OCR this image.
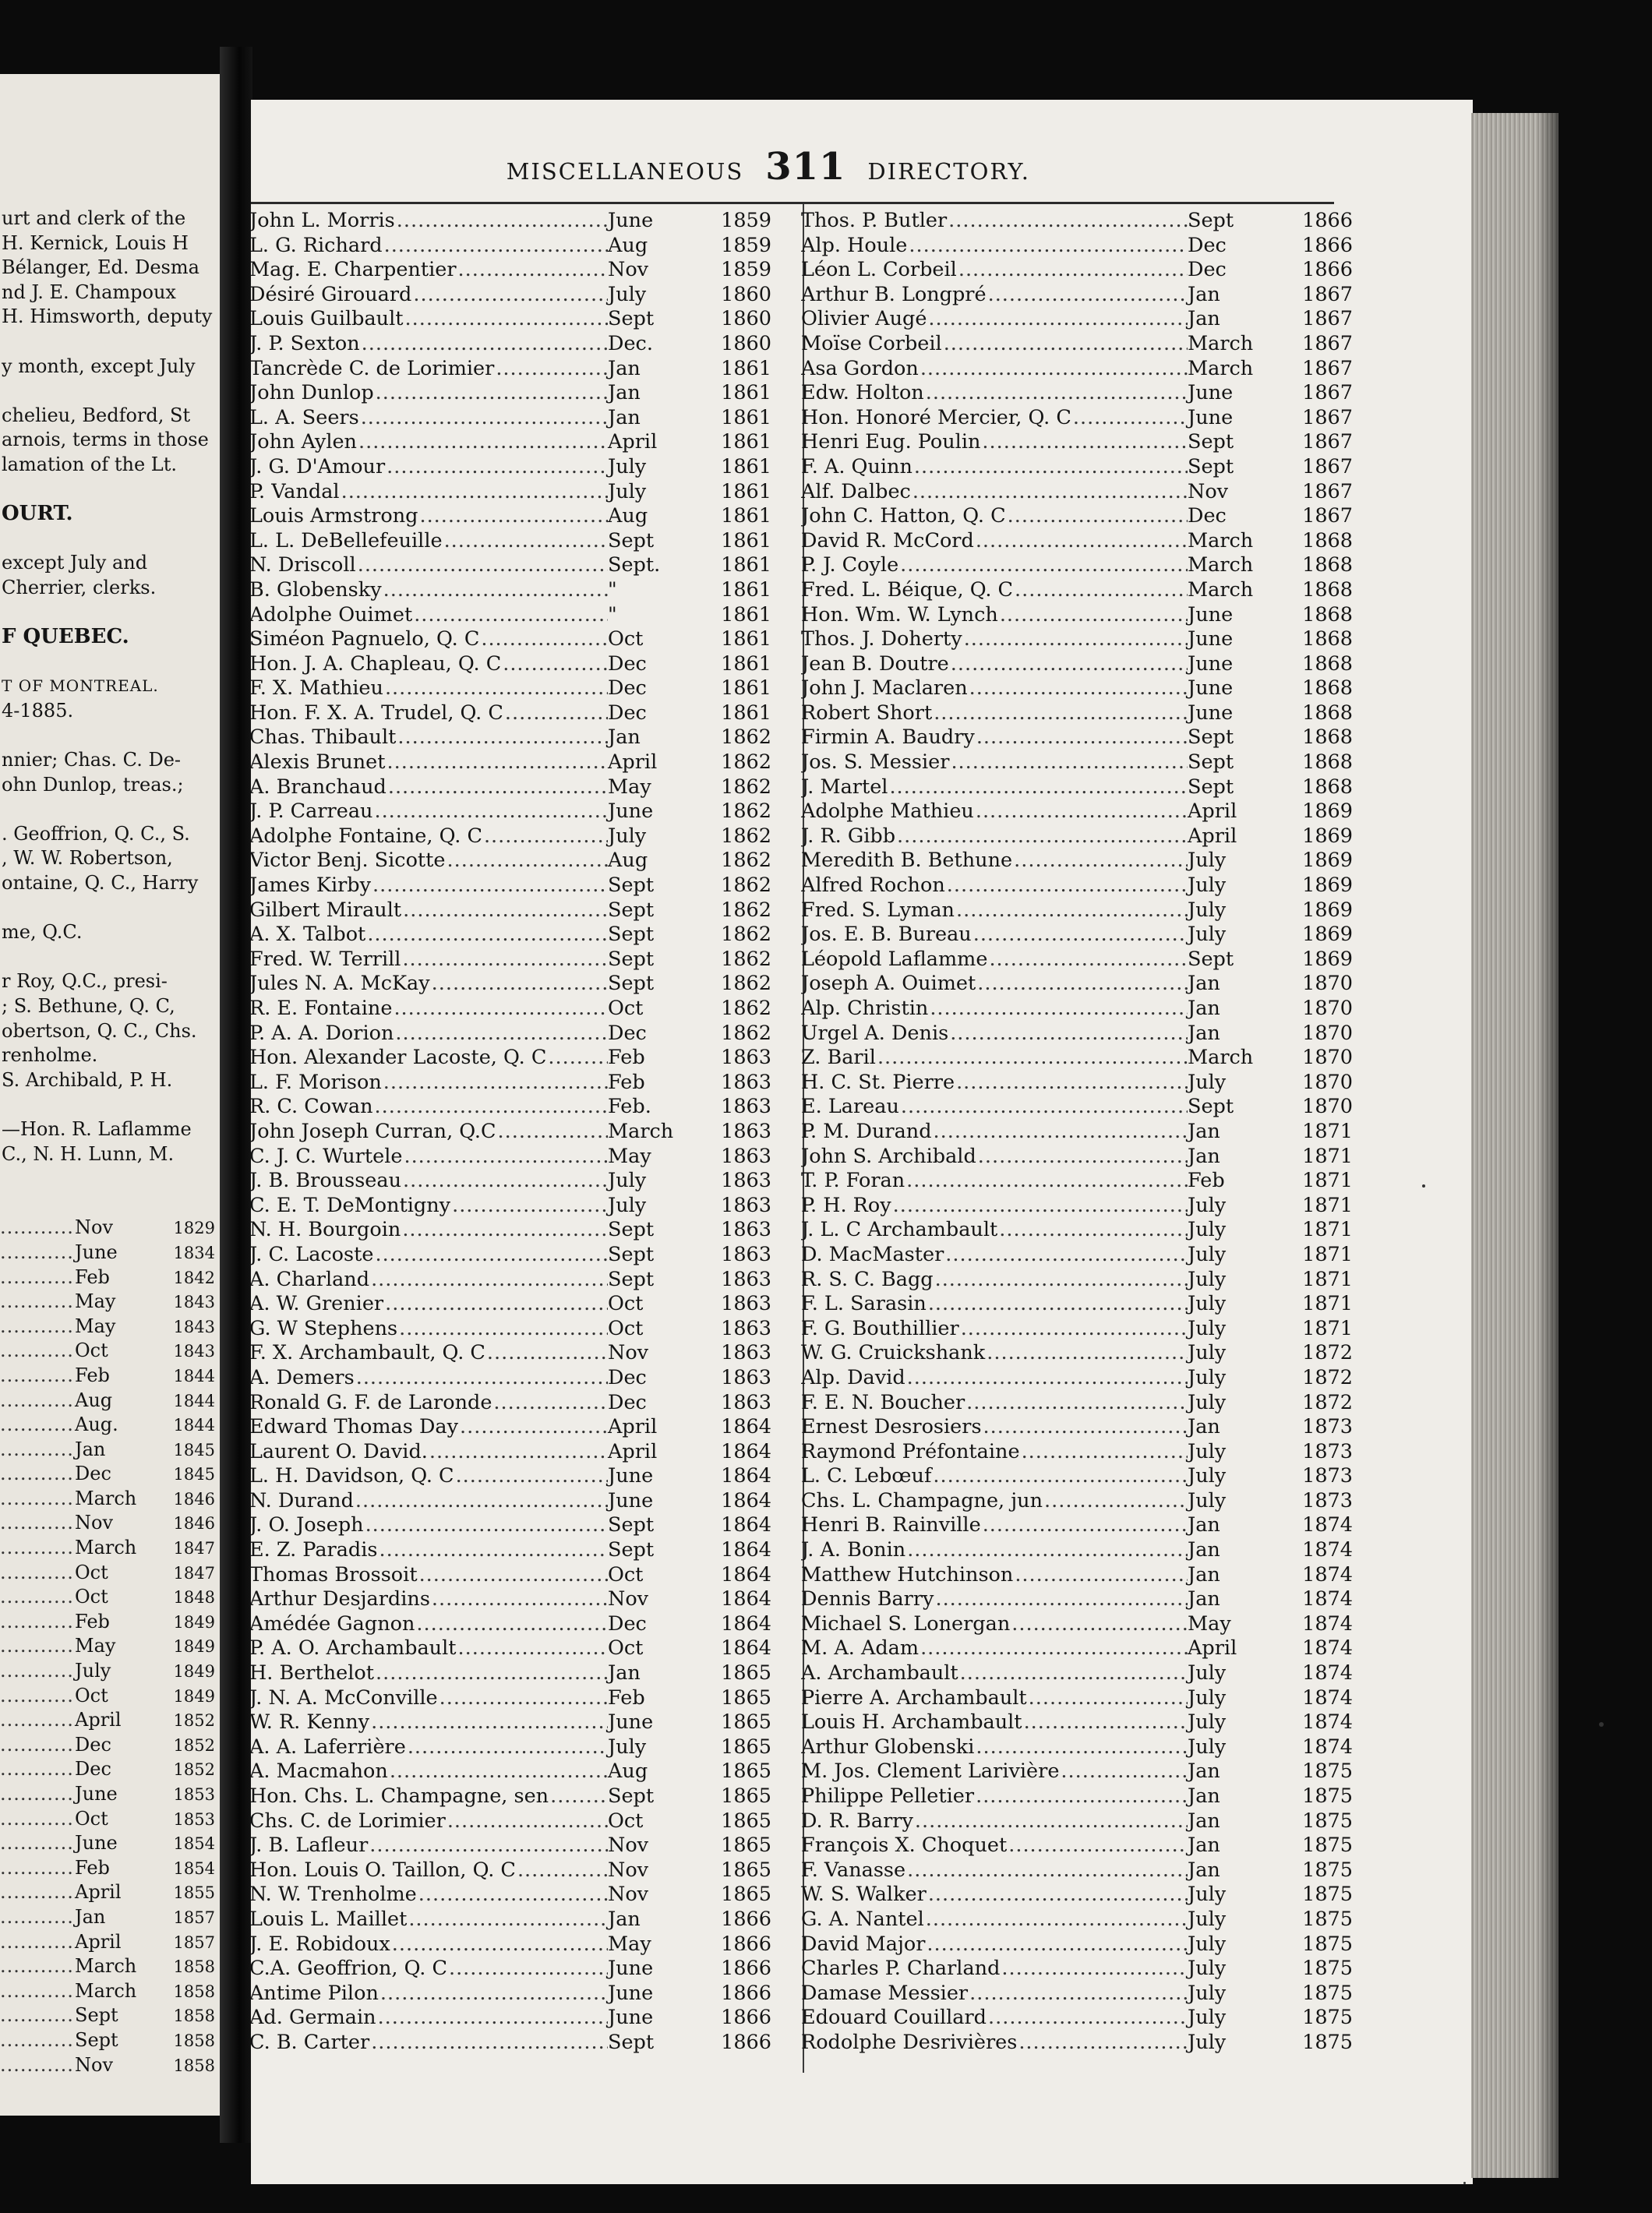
urt and clerk of the
H. Kernick, Louis H
Bélanger, Ed. Desma
nd J. E. Champoux
H. Himsworth, deputy
y month, except July
chelieu, Bedford, St
arnois, terms in those
lamation of the Lt.
OURT.
except July and
Cherrier, clerks.
F QUEBEC.
T OF MONTREAL.
4-1885.
nnier; Chas. C. De-
ohn Dunlop, treas.;
. Geoffrion, Q. C., S.
, W. W. Robertson,
ontaine, Q. C., Harry
me, Q.C.
r Roy, Q.C., presi-
; S. Bethune, Q. C,
obertson, Q. C., Chs.
renholme.
S. Archibald, P. H.
—Hon. R. Laflamme
C., N. H. Lunn, M.
.....
Nov	1829
.....
June	1834
.....
Feb	1842
.....
May	1843
.....
May	1843
.....
Oct	1843
.....
Feb	1844
.....
Aug	1844
.....
Aug.	1844
.....
Jan	1845
.....
Dec	1845
.....
March	1846
.....
Nov	1846
.....
March	1847
.....
Oct	1847
.....
Oct	1848
.....
Feb	1849
.....
May	1849
.....
July	1849
.....
Oct	1849
.....
April	1852
.....
Dec	1852
.....
Dec	1852
.....
June	1853
.....
Oct	1853
.....
June	1854
.....
Feb	1854
.....
April	1855
.....
Jan	1857
.....
April	1857
.....
March	1858
.....
March	1858
.....
Sept	1858
.....
Sept	1858
.....
Nov	1858
MISCELLANEOUS 311 DIRECTORY.
John L. Morris .....	June	1859
L. G. Richard .....	Aug	1859
Mag. E. Charpentier .....	Nov	1859
Désiré Girouard .....	July	1860
Louis Guilbault .....	Sept	1860
J. P. Sexton .....	Dec.	1860
Tancrède C. de Lorimier .....	Jan	1861
John Dunlop .....	Jan	1861
L. A. Seers .....	Jan	1861
John Aylen .....	April	1861
J. G. D'Amour .....	July	1861
P. Vandal .....	July	1861
Louis Armstrong .....	Aug	1861
L. L. DeBellefeuille .....	Sept	1861
N. Driscoll .....	Sept.	1861
B. Globensky .....	"	1861
Adolphe Ouimet .....	"	1861
Siméon Pagnuelo, Q. C .....	Oct	1861
Hon. J. A. Chapleau, Q. C .....	Dec	1861
F. X. Mathieu .....	Dec	1861
Hon. F. X. A. Trudel, Q. C .....	Dec	1861
Chas. Thibault .....	Jan	1862
Alexis Brunet .....	April	1862
A. Branchaud .....	May	1862
J. P. Carreau .....	June	1862
Adolphe Fontaine, Q. C .....	July	1862
Victor Benj. Sicotte .....	Aug	1862
James Kirby .....	Sept	1862
Gilbert Mirault .....	Sept	1862
A. X. Talbot .....	Sept	1862
Fred. W. Terrill .....	Sept	1862
Jules N. A. McKay .....	Sept	1862
R. E. Fontaine .....	Oct	1862
P. A. A. Dorion .....	Dec	1862
Hon. Alexander Lacoste, Q. C .....	Feb	1863
L. F. Morison .....	Feb	1863
R. C. Cowan .....	Feb.	1863
John Joseph Curran, Q.C .....	March	1863
C. J. C. Wurtele .....	May	1863
J. B. Brousseau .....	July	1863
C. E. T. DeMontigny .....	July	1863
N. H. Bourgoin .....	Sept	1863
J. C. Lacoste .....	Sept	1863
A. Charland .....	Sept	1863
A. W. Grenier .....	Oct	1863
G. W Stephens .....	Oct	1863
F. X. Archambault, Q. C .....	Nov	1863
A. Demers .....	Dec	1863
Ronald G. F. de Laronde .....	Dec	1863
Edward Thomas Day .....	April	1864
Laurent O. David. .....	April	1864
L. H. Davidson, Q. C .....	June	1864
N. Durand .....	June	1864
J. O. Joseph .....	Sept	1864
E. Z. Paradis .....	Sept	1864
Thomas Brossoit .....	Oct	1864
Arthur Desjardins .....	Nov	1864
Amédée Gagnon .....	Dec	1864
P. A. O. Archambault .....	Oct	1864
H. Berthelot .....	Jan	1865
J. N. A. McConville .....	Feb	1865
W. R. Kenny .....	June	1865
A. A. Laferrière .....	July	1865
A. Macmahon .....	Aug	1865
Hon. Chs. L. Champagne, sen .....	Sept	1865
Chs. C. de Lorimier .....	Oct	1865
J. B. Lafleur .....	Nov	1865
Hon. Louis O. Taillon, Q. C .....	Nov	1865
N. W. Trenholme .....	Nov	1865
Louis L. Maillet .....	Jan	1866
J. E. Robidoux .....	May	1866
C.A. Geoffrion, Q. C .....	June	1866
Antime Pilon .....	June	1866
Ad. Germain .....	June	1866
C. B. Carter .....	Sept	1866
Thos. P. Butler .....	Sept	1866
Alp. Houle .....	Dec	1866
Léon L. Corbeil .....	Dec	1866
Arthur B. Longpré .....	Jan	1867
Olivier Augé .....	Jan	1867
Moïse Corbeil .....	March	1867
Asa Gordon .....	March	1867
Edw. Holton .....	June	1867
Hon. Honoré Mercier, Q. C .....	June	1867
Henri Eug. Poulin .....	Sept	1867
F. A. Quinn .....	Sept	1867
Alf. Dalbec .....	Nov	1867
John C. Hatton, Q. C .....	Dec	1867
David R. McCord .....	March	1868
P. J. Coyle .....	March	1868
Fred. L. Béique, Q. C .....	March	1868
Hon. Wm. W. Lynch .....	June	1868
Thos. J. Doherty .....	June	1868
Jean B. Doutre .....	June	1868
John J. Maclaren .....	June	1868
Robert Short .....	June	1868
Firmin A. Baudry .....	Sept	1868
Jos. S. Messier .....	Sept	1868
J. Martel .....	Sept	1868
Adolphe Mathieu .....	April	1869
J. R. Gibb .....	April	1869
Meredith B. Bethune .....	July	1869
Alfred Rochon .....	July	1869
Fred. S. Lyman .....	July	1869
Jos. E. B. Bureau .....	July	1869
Léopold Laflamme .....	Sept	1869
Joseph A. Ouimet .....	Jan	1870
Alp. Christin .....	Jan	1870
Urgel A. Denis .....	Jan	1870
Z. Baril .....	March	1870
H. C. St. Pierre .....	July	1870
E. Lareau .....	Sept	1870
P. M. Durand .....	Jan	1871
John S. Archibald .....	Jan	1871
T. P. Foran .....	Feb	1871
P. H. Roy .....	July	1871
J. L. C Archambault .....	July	1871
D. MacMaster .....	July	1871
R. S. C. Bagg .....	July	1871
F. L. Sarasin .....	July	1871
F. G. Bouthillier .....	July	1871
W. G. Cruickshank .....	July	1872
Alp. David .....	July	1872
F. E. N. Boucher .....	July	1872
Ernest Desrosiers .....	Jan	1873
Raymond Préfontaine .....	July	1873
L. C. Lebœuf .....	July	1873
Chs. L. Champagne, jun .....	July	1873
Henri B. Rainville .....	Jan	1874
J. A. Bonin .....	Jan	1874
Matthew Hutchinson .....	Jan	1874
Dennis Barry .....	Jan	1874
Michael S. Lonergan .....	May	1874
M. A. Adam .....	April	1874
A. Archambault .....	July	1874
Pierre A. Archambault .....	July	1874
Louis H. Archambault .....	July	1874
Arthur Globenski .....	July	1874
M. Jos. Clement Larivière .....	Jan	1875
Philippe Pelletier .....	Jan	1875
D. R. Barry .....	Jan	1875
François X. Choquet .....	Jan	1875
F. Vanasse .....	Jan	1875
W. S. Walker .....	July	1875
G. A. Nantel .....	July	1875
David Major .....	July	1875
Charles P. Charland .....	July	1875
Damase Messier .....	July	1875
Edouard Couillard .....	July	1875
Rodolphe Desrivières .....	July	1875
